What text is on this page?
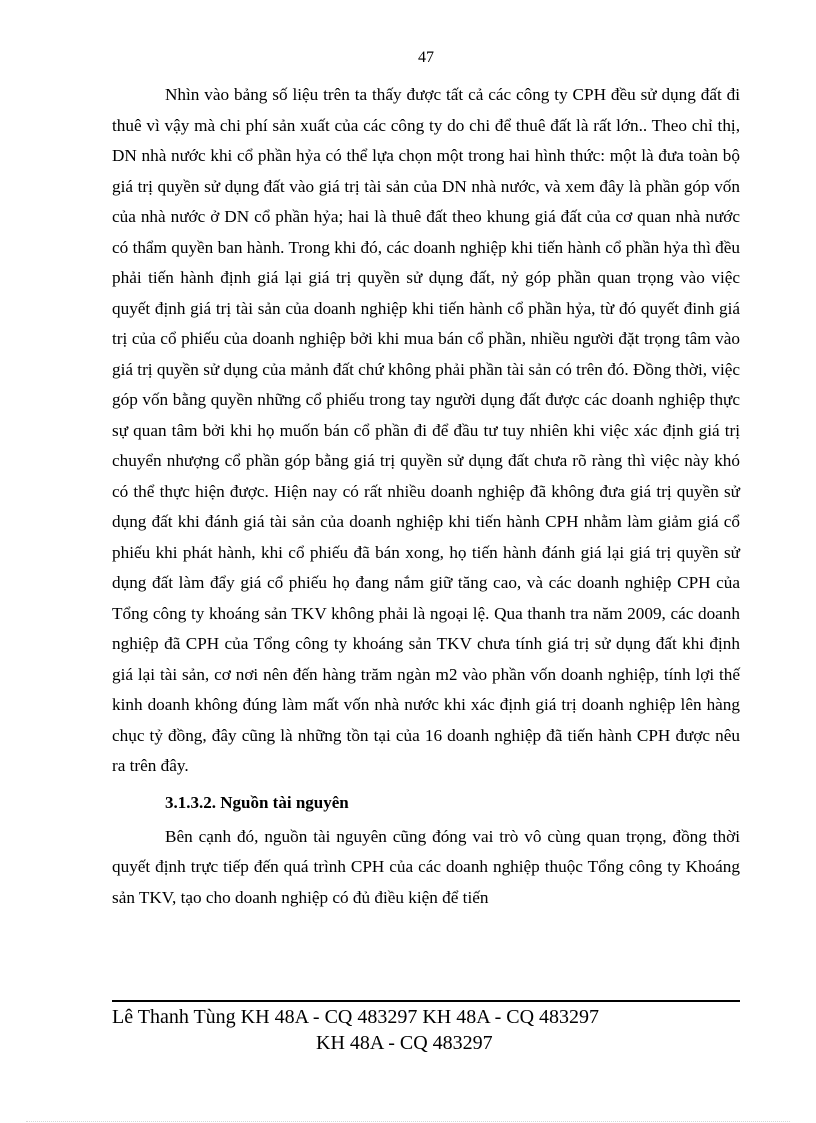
47

Nhìn vào bảng số liệu trên ta thấy được tất cả các công ty CPH đều sử dụng đất đi thuê vì vậy mà chi phí sản xuất của các công ty do chi để thuê đất là rất lớn.. Theo chỉ thị, DN nhà nước khi cổ phần hỷa có thể lựa chọn một trong hai hình thức: một là đưa toàn bộ giá trị quyền sử dụng đất vào giá trị tài sản của DN nhà nước, và xem đây là phần góp vốn của nhà nước ở DN cổ phần hỷa; hai là thuê đất theo khung giá đất của cơ quan nhà nước có thẩm quyền ban hành. Trong khi đó, các doanh nghiệp khi tiến hành cổ phần hỷa thì đều phải tiến hành định giá lại giá trị quyền sử dụng đất, nỷ góp phần quan trọng vào việc quyết định giá trị tài sản của doanh nghiệp khi tiến hành cổ phần hỷa, từ đó quyết đinh giá trị của cổ phiếu của doanh nghiệp bởi khi mua bán cổ phần, nhiều người đặt trọng tâm vào giá trị quyền sử dụng của mảnh đất chứ không phải phần tài sản có trên đó. Đồng thời, việc góp vốn bằng quyền những cổ phiếu trong tay người dụng đất được các doanh nghiệp thực sự quan tâm bởi khi họ muốn bán cổ phần đi để đầu tư tuy nhiên khi việc xác định giá trị chuyển nhượng cổ phần góp bằng giá trị quyền sử dụng đất chưa rõ ràng thì việc này khó có thể thực hiện được. Hiện nay có rất nhiều doanh nghiệp đã không đưa giá trị quyền sử dụng đất khi đánh giá tài sản của doanh nghiệp khi tiến hành CPH nhằm làm giảm giá cổ phiếu khi phát hành, khi cổ phiếu đã bán xong, họ tiến hành đánh giá lại giá trị quyền sử dụng đất làm đẩy giá cổ phiếu họ đang nắm giữ tăng cao, và các doanh nghiệp CPH của Tổng công ty khoáng sản TKV không phải là ngoại lệ. Qua thanh tra năm 2009, các doanh nghiệp đã CPH của Tổng công ty khoáng sản TKV chưa tính giá trị sử dụng đất khi định giá lại tài sản, cơ nơi nên đến hàng trăm ngàn m2 vào phần vốn doanh nghiệp, tính lợi thế kinh doanh không đúng làm mất vốn nhà nước khi xác định giá trị doanh nghiệp lên hàng chục tỷ đồng, đây cũng là những tồn tại của 16 doanh nghiệp đã tiến hành CPH được nêu ra trên đây.

3.1.3.2. Nguồn tài nguyên

Bên cạnh đó, nguồn tài nguyên cũng đóng vai trò vô cùng quan trọng, đồng thời quyết định trực tiếp đến quá trình CPH của các doanh nghiệp thuộc Tổng công ty Khoáng sản TKV, tạo cho doanh nghiệp có đủ điều kiện để tiến

Lê Thanh Tùng KH 48A - CQ 483297 KH 48A - CQ 483297
KH 48A - CQ 483297
